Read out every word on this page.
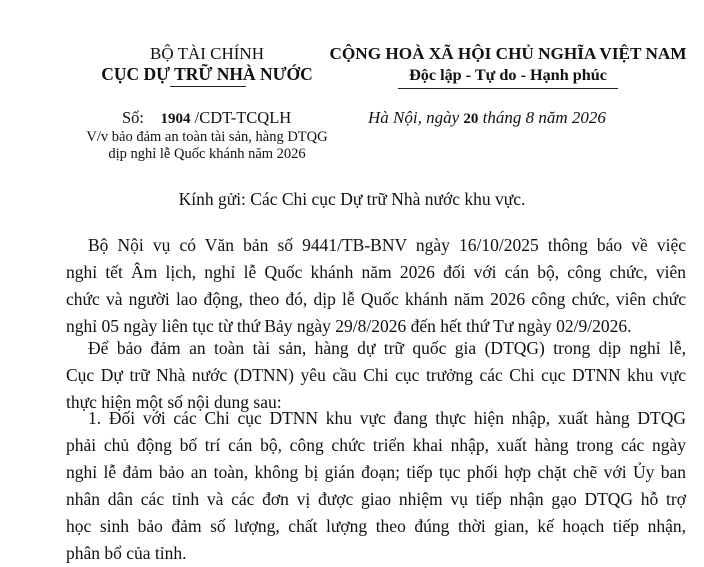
BỘ TÀI CHÍNH
CỤC DỰ TRỮ NHÀ NƯỚC
Số: 1904 /CDT-TCQLH
V/v bảo đảm an toàn tài sản, hàng DTQG
dịp nghỉ lễ Quốc khánh năm 2026
CỘNG HOÀ XÃ HỘI CHỦ NGHĨA VIỆT NAM
Độc lập - Tự do - Hạnh phúc
Hà Nội, ngày 20 tháng 8 năm 2026
Kính gửi: Các Chi cục Dự trữ Nhà nước khu vực.
Bộ Nội vụ có Văn bản số 9441/TB-BNV ngày 16/10/2025 thông báo về việc
nghỉ tết Âm lịch, nghỉ lễ Quốc khánh năm 2026 đối với cán bộ, công chức, viên
chức và người lao động, theo đó, dịp lễ Quốc khánh năm 2026 công chức, viên chức
nghỉ 05 ngày liên tục từ thứ Bảy ngày 29/8/2026 đến hết thứ Tư ngày 02/9/2026.
Để bảo đảm an toàn tài sản, hàng dự trữ quốc gia (DTQG) trong dịp nghỉ lễ,
Cục Dự trữ Nhà nước (DTNN) yêu cầu Chi cục trưởng các Chi cục DTNN khu vực
thực hiện một số nội dung sau:
1. Đối với các Chi cục DTNN khu vực đang thực hiện nhập, xuất hàng DTQG
phải chủ động bố trí cán bộ, công chức triển khai nhập, xuất hàng trong các ngày
nghỉ lễ đảm bảo an toàn, không bị gián đoạn; tiếp tục phối hợp chặt chẽ với Ủy ban
nhân dân các tỉnh và các đơn vị được giao nhiệm vụ tiếp nhận gạo DTQG hỗ trợ
học sinh bảo đảm số lượng, chất lượng theo đúng thời gian, kế hoạch tiếp nhận,
phân bổ của tỉnh.
